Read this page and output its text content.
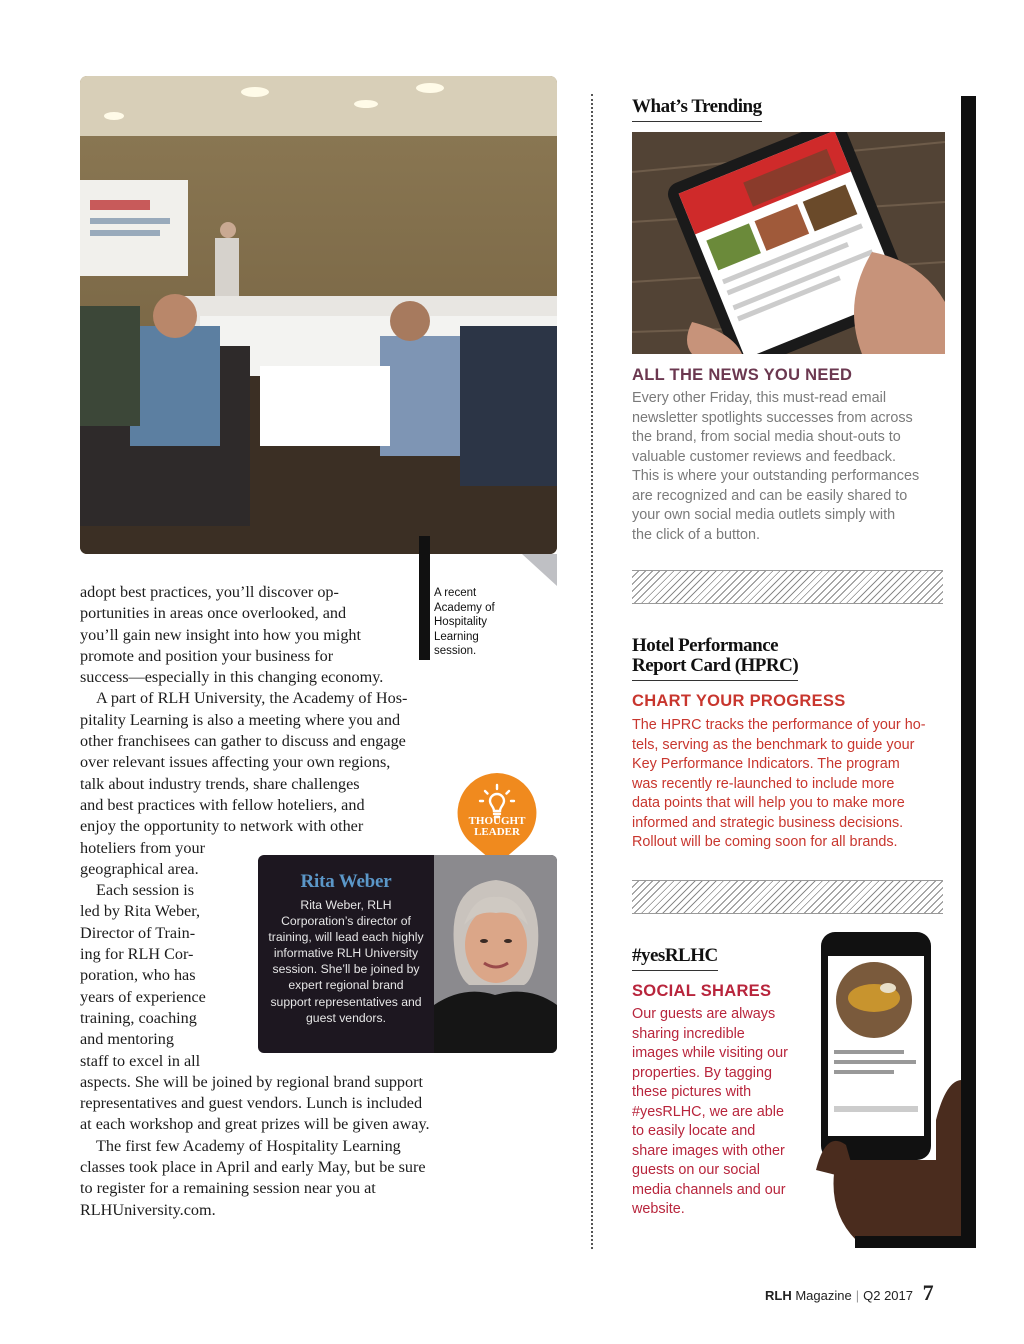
A recent Academy of Hospitality Learning session.

adopt best practices, you’ll discover op-

portunities in areas once overlooked, and

you’ll gain new insight into how you might

promote and position your business for

success—especially in this changing economy.

A part of RLH University, the Academy of Hos-

pitality Learning is also a meeting where you and

other franchisees can gather to discuss and engage

over relevant issues affecting your own regions,

talk about industry trends, share challenges

and best practices with fellow hoteliers, and

enjoy the opportunity to network with other

hoteliers from your

geographical area.

Each session is

led by Rita Weber,

Director of Train-

ing for RLH Cor-

poration, who has

years of experience

training, coaching

and mentoring

staff to excel in all

aspects. She will be joined by regional brand support

representatives and guest vendors. Lunch is included

at each workshop and great prizes will be given away.

The first few Academy of Hospitality Learning

classes took place in April and early May, but be sure

to register for a remaining session near you at

RLHUniversity.com.

THOUGHT
LEADER
Rita Weber
Rita Weber, RLH Corporation’s director of training, will lead each highly informative RLH University session. She’ll be joined by expert regional brand support representatives and guest vendors.
What’s Trending
ALL THE NEWS YOU NEED

Every other Friday, this must-read email

newsletter spotlights successes from across

the brand, from social media shout-outs to

valuable customer reviews and feedback.

This is where your outstanding performances

are recognized and can be easily shared to

your own social media outlets simply with

the click of a button.

Hotel Performance
Report Card (HPRC)
CHART YOUR PROGRESS

The HPRC tracks the performance of your ho-

tels, serving as the benchmark to guide your

Key Performance Indicators. The program

was recently re-launched to include more

data points that will help you to make more

informed and strategic business decisions.

Rollout will be coming soon for all brands.

#yesRLHC
SOCIAL SHARES

Our guests are always

sharing incredible

images while visiting our

properties. By tagging

these pictures with

#yesRLHC, we are able

to easily locate and

share images with other

guests on our social

media channels and our

website.

RLH Magazine | Q2 2017 7
